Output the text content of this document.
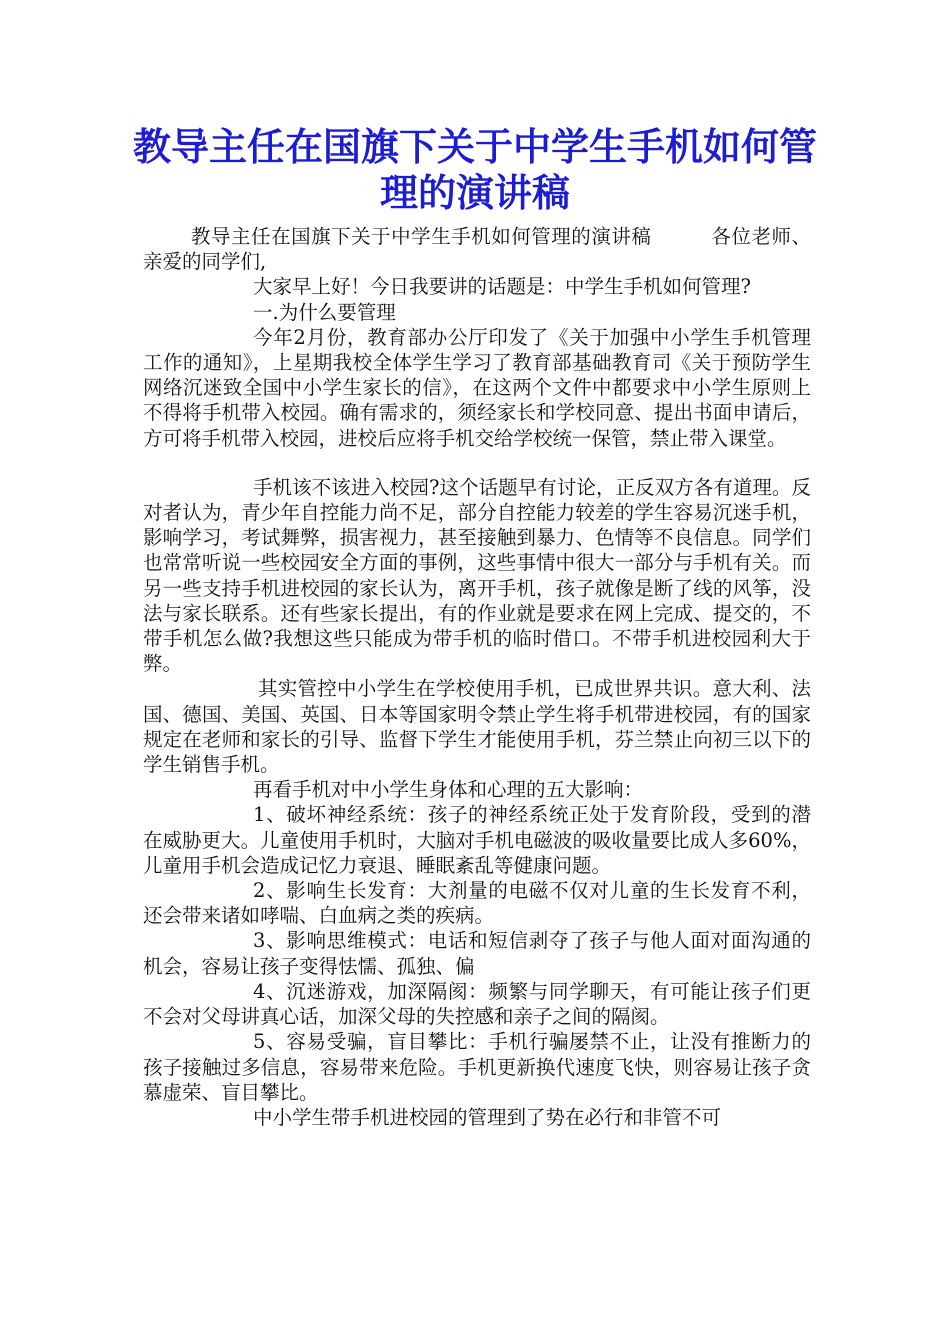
教导主任在国旗下关于中学生手机如何管理的演讲稿

教导主任在国旗下关于中学生手机如何管理的演讲稿　　　各位老师、亲爱的同学们,

大家早上好！今日我要讲的话题是：中学生手机如何管理?

一.为什么要管理

今年2月份，教育部办公厅印发了《关于加强中小学生手机管理工作的通知》，上星期我校全体学生学习了教育部基础教育司《关于预防学生网络沉迷致全国中小学生家长的信》，在这两个文件中都要求中小学生原则上不得将手机带入校园。确有需求的，须经家长和学校同意、提出书面申请后，方可将手机带入校园，进校后应将手机交给学校统一保管，禁止带入课堂。

手机该不该进入校园?这个话题早有讨论，正反双方各有道理。反对者认为，青少年自控能力尚不足，部分自控能力较差的学生容易沉迷手机，影响学习，考试舞弊，损害视力，甚至接触到暴力、色情等不良信息。同学们也常常听说一些校园安全方面的事例，这些事情中很大一部分与手机有关。而另一些支持手机进校园的家长认为，离开手机，孩子就像是断了线的风筝，没法与家长联系。还有些家长提出，有的作业就是要求在网上完成、提交的，不带手机怎么做?我想这些只能成为带手机的临时借口。不带手机进校园利大于弊。

其实管控中小学生在学校使用手机，已成世界共识。意大利、法国、德国、美国、英国、日本等国家明令禁止学生将手机带进校园，有的国家规定在老师和家长的引导、监督下学生才能使用手机，芬兰禁止向初三以下的学生销售手机。

再看手机对中小学生身体和心理的五大影响：

1、破坏神经系统：孩子的神经系统正处于发育阶段，受到的潜在威胁更大。儿童使用手机时，大脑对手机电磁波的吸收量要比成人多60%，儿童用手机会造成记忆力衰退、睡眠紊乱等健康问题。

2、影响生长发育：大剂量的电磁不仅对儿童的生长发育不利，还会带来诸如哮喘、白血病之类的疾病。

3、影响思维模式：电话和短信剥夺了孩子与他人面对面沟通的机会，容易让孩子变得怯懦、孤独、偏

4、沉迷游戏，加深隔阂：频繁与同学聊天，有可能让孩子们更不会对父母讲真心话，加深父母的失控感和亲子之间的隔阂。

5、容易受骗，盲目攀比：手机行骗屡禁不止，让没有推断力的孩子接触过多信息，容易带来危险。手机更新换代速度飞快，则容易让孩子贪慕虚荣、盲目攀比。

中小学生带手机进校园的管理到了势在必行和非管不可
